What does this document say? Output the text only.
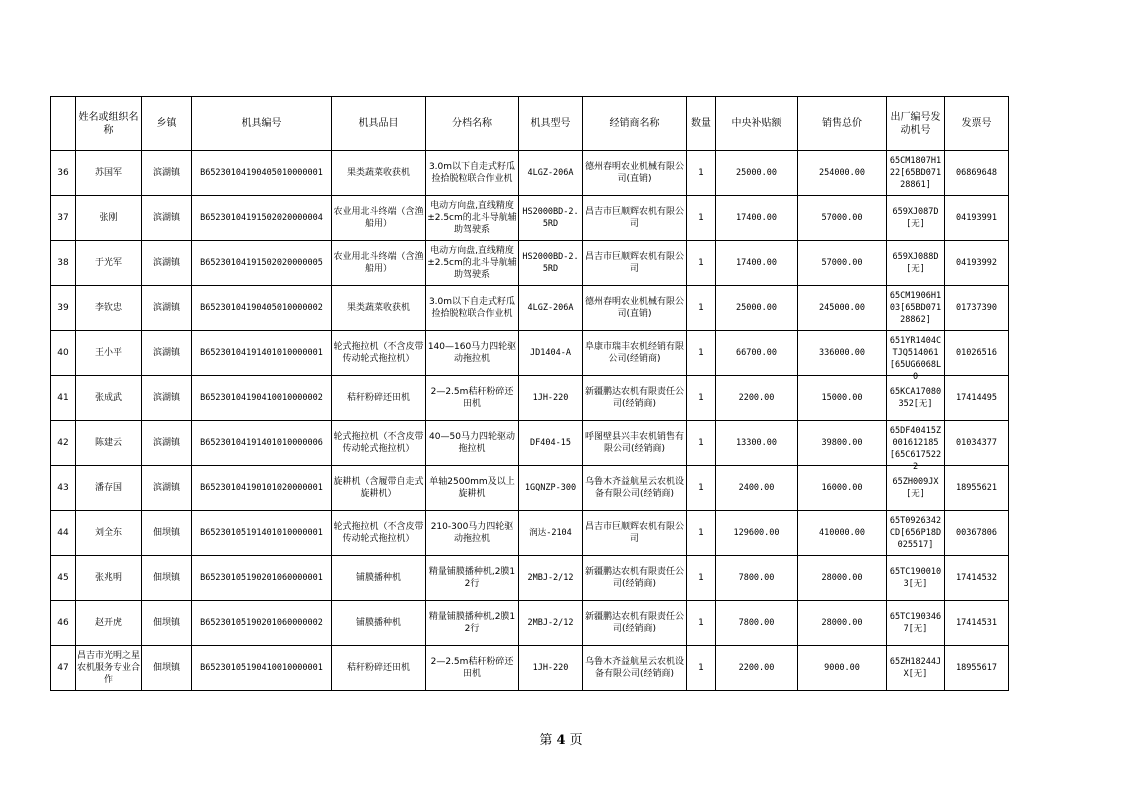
	姓名或组织名称	乡镇	机具编号	机具品目	分档名称	机具型号	经销商名称	数量	中央补贴额	销售总价	出厂编号发动机号	发票号
36	苏国军	滨湖镇	B65230104190405010000001	果类蔬菜收获机	3.0m以下自走式籽瓜捡拾脱粒联合作业机	4LGZ-206A	德州春明农业机械有限公司(直销)	1	25000.00	254000.00	65CM1807H122[65BD07128861]	06869648
37	张刚	滨湖镇	B65230104191502020000004	农业用北斗终端（含渔船用）	电动方向盘,直线精度±2.5cm的北斗导航辅助驾驶系	HS2000BD-2.5RD	昌吉市巨顺辉农机有限公司	1	17400.00	57000.00	659XJ087D[无]	04193991
38	于光军	滨湖镇	B65230104191502020000005	农业用北斗终端（含渔船用）	电动方向盘,直线精度±2.5cm的北斗导航辅助驾驶系	HS2000BD-2.5RD	昌吉市巨顺辉农机有限公司	1	17400.00	57000.00	659XJ088D[无]	04193992
39	李钦忠	滨湖镇	B65230104190405010000002	果类蔬菜收获机	3.0m以下自走式籽瓜捡拾脱粒联合作业机	4LGZ-206A	德州春明农业机械有限公司(直销)	1	25000.00	245000.00	65CM1906H103[65BD07128862]	01737390
40	王小平	滨湖镇	B65230104191401010000001	轮式拖拉机（不含皮带传动轮式拖拉机）	140—160马力四轮驱动拖拉机	JD1404-A	阜康市瑞丰农机经销有限公司(经销商)	1	66700.00	336000.00	651YR1404CTJQ514061[65UG6068L0	01026516
41	张成武	滨湖镇	B65230104190410010000002	秸秆粉碎还田机	2—2.5m秸秆粉碎还田机	1JH-220	新疆鹏达农机有限责任公司(经销商)	1	2200.00	15000.00	65KCA17080352[无]	17414495
42	陈建云	滨湖镇	B65230104191401010000006	轮式拖拉机（不含皮带传动轮式拖拉机）	40—50马力四轮驱动拖拉机	DF404-15	呼图壁县兴丰农机销售有限公司(经销商)	1	13300.00	39800.00	65DF40415Z001612185[65C6175222	01034377
43	潘存国	滨湖镇	B65230104190101020000001	旋耕机（含履带自走式旋耕机）	单轴2500mm及以上旋耕机	1GQNZP-300	乌鲁木齐益航星云农机设备有限公司(经销商)	1	2400.00	16000.00	65ZH009JX[无]	18955621
44	刘全东	佃坝镇	B65230105191401010000001	轮式拖拉机（不含皮带传动轮式拖拉机）	210-300马力四轮驱动拖拉机	润达-2104	昌吉市巨顺辉农机有限公司	1	129600.00	410000.00	65T0926342CD[656P18D025517]	00367806
45	张兆明	佃坝镇	B65230105190201060000001	铺膜播种机	精量铺膜播种机,2膜12行	2MBJ-2/12	新疆鹏达农机有限责任公司(经销商)	1	7800.00	28000.00	65TC1900103[无]	17414532
46	赵开虎	佃坝镇	B65230105190201060000002	铺膜播种机	精量铺膜播种机,2膜12行	2MBJ-2/12	新疆鹏达农机有限责任公司(经销商)	1	7800.00	28000.00	65TC1903467[无]	17414531
47	昌吉市光明之星农机服务专业合作	佃坝镇	B65230105190410010000001	秸秆粉碎还田机	2—2.5m秸秆粉碎还田机	1JH-220	乌鲁木齐益航星云农机设备有限公司(经销商)	1	2200.00	9000.00	65ZH18244JX[无]	18955617
第 4 页
